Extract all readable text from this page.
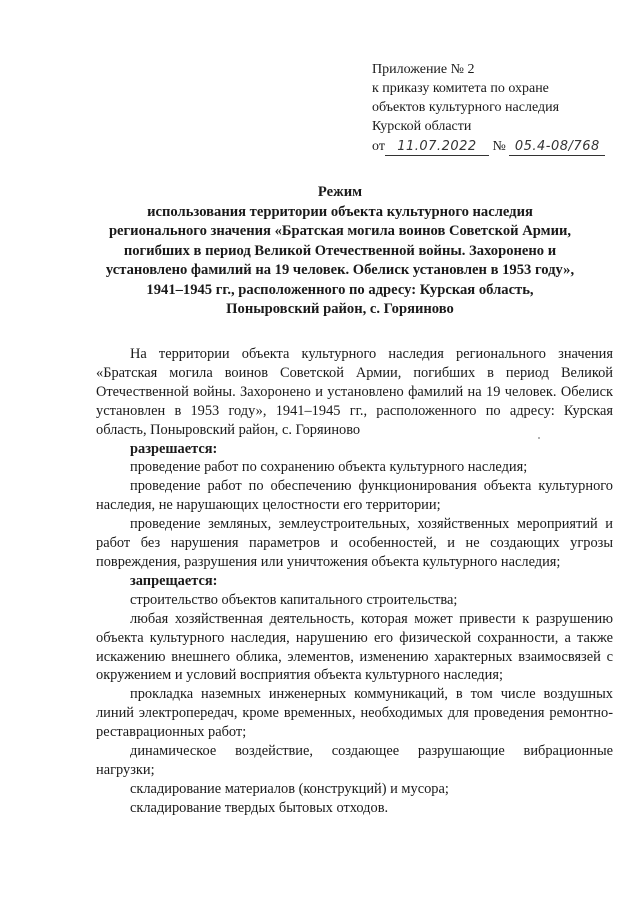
Приложение № 2
к приказу комитета по охране
объектов культурного наследия
Курской области
от 11.07.2022 № 05.4-08/768
Режим
использования территории объекта культурного наследия
регионального значения «Братская могила воинов Советской Армии,
погибших в период Великой Отечественной войны. Захоронено и
установлено фамилий на 19 человек. Обелиск установлен в 1953 году»,
1941–1945 гг., расположенного по адресу: Курская область,
Поныровский район, с. Горяиново

На территории объекта культурного наследия регионального значения «Братская могила воинов Советской Армии, погибших в период Великой Отечественной войны. Захоронено и установлено фамилий на 19 человек. Обелиск установлен в 1953 году», 1941–1945 гг., расположенного по адресу: Курская область, Поныровский район, с. Горяиново

разрешается:

проведение работ по сохранению объекта культурного наследия;

проведение работ по обеспечению функционирования объекта культурного наследия, не нарушающих целостности его территории;

проведение земляных, землеустроительных, хозяйственных мероприятий и работ без нарушения параметров и особенностей, и не создающих угрозы повреждения, разрушения или уничтожения объекта культурного наследия;

запрещается:

строительство объектов капитального строительства;

любая хозяйственная деятельность, которая может привести к разрушению объекта культурного наследия, нарушению его физической сохранности, а также искажению внешнего облика, элементов, изменению характерных взаимосвязей с окружением и условий восприятия объекта культурного наследия;

прокладка наземных инженерных коммуникаций, в том числе воздушных линий электропередач, кроме временных, необходимых для проведения ремонтно-реставрационных работ;

динамическое воздействие, создающее разрушающие вибрационные нагрузки;

складирование материалов (конструкций) и мусора;

складирование твердых бытовых отходов.
